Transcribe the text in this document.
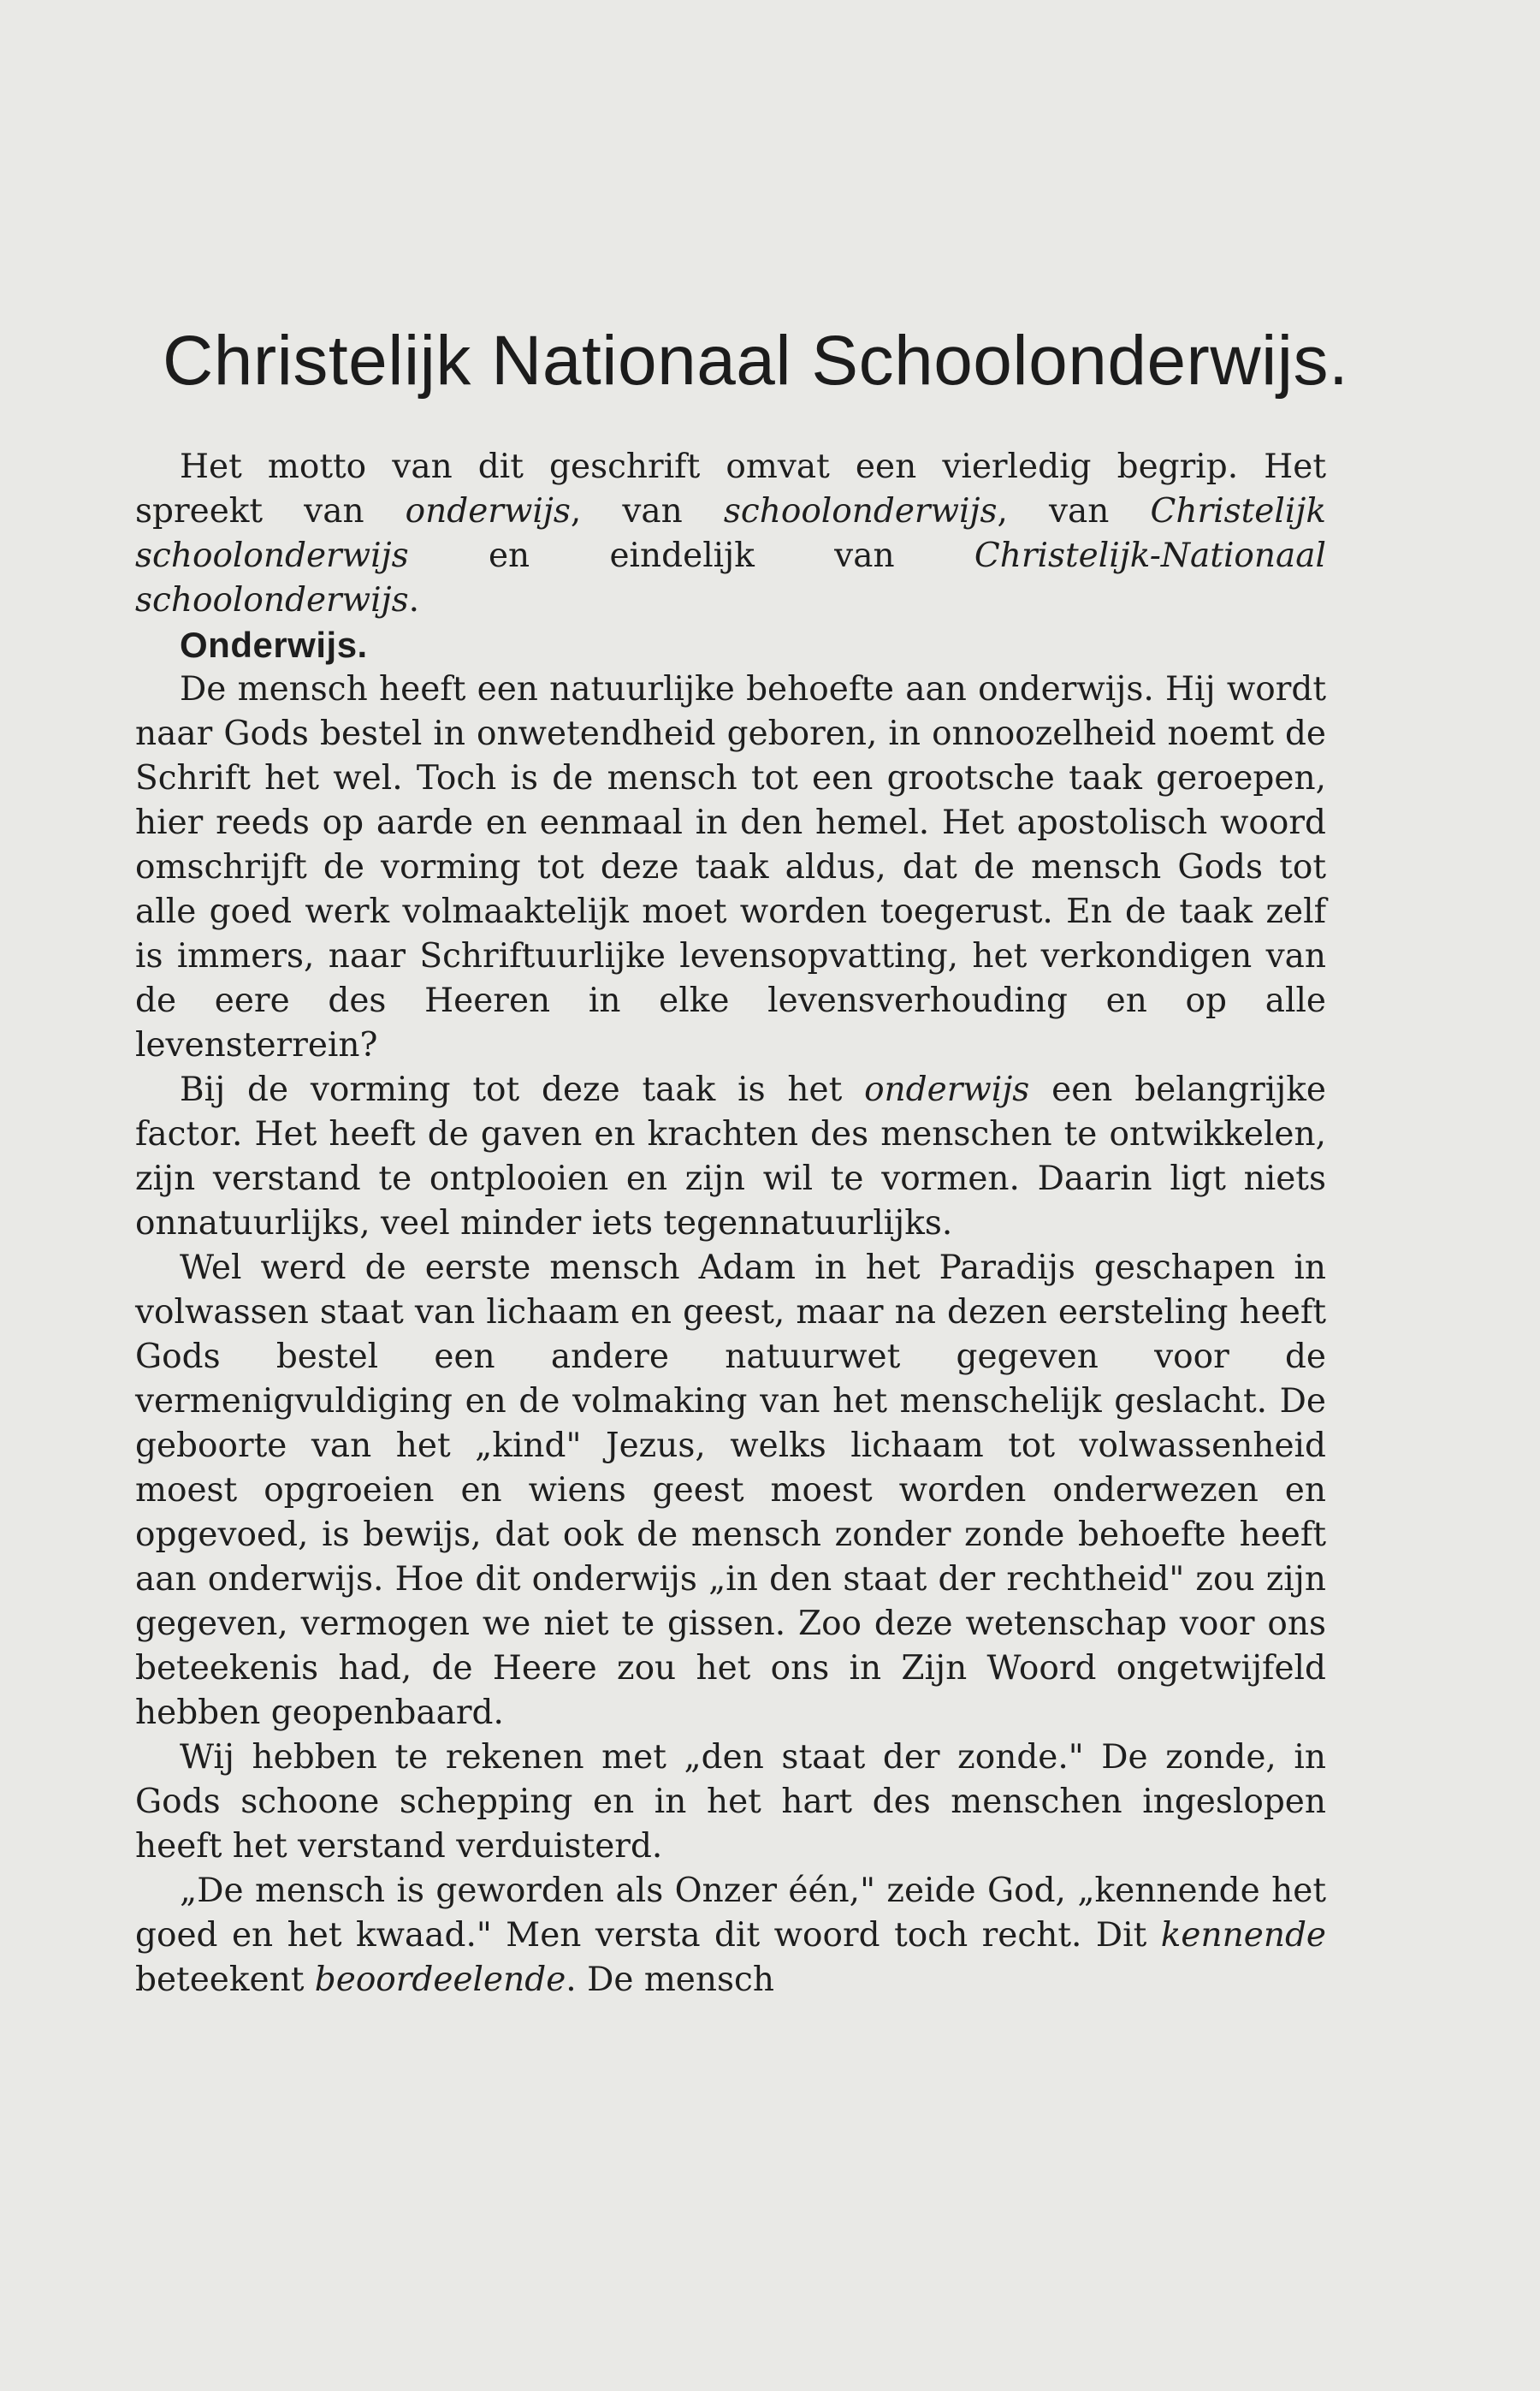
Christelijk Nationaal Schoolonderwijs.

Het motto van dit geschrift omvat een vierledig begrip. Het spreekt van onderwijs, van schoolonderwijs, van Christelijk schoolonderwijs en eindelijk van Christelijk-Nationaal schoolonderwijs.

Onderwijs.

De mensch heeft een natuurlijke behoefte aan onderwijs. Hij wordt naar Gods bestel in onwetendheid geboren, in onnoozelheid noemt de Schrift het wel. Toch is de mensch tot een grootsche taak geroepen, hier reeds op aarde en eenmaal in den hemel. Het apostolisch woord omschrijft de vorming tot deze taak aldus, dat de mensch Gods tot alle goed werk volmaaktelijk moet worden toegerust. En de taak zelf is immers, naar Schriftuurlijke levensopvatting, het verkondigen van de eere des Heeren in elke levensverhouding en op alle levensterrein?

Bij de vorming tot deze taak is het onderwijs een belangrijke factor. Het heeft de gaven en krachten des menschen te ontwikkelen, zijn verstand te ontplooien en zijn wil te vormen. Daarin ligt niets onnatuurlijks, veel minder iets tegennatuurlijks.

Wel werd de eerste mensch Adam in het Paradijs geschapen in volwassen staat van lichaam en geest, maar na dezen eersteling heeft Gods bestel een andere natuurwet gegeven voor de vermenigvuldiging en de volmaking van het menschelijk geslacht. De geboorte van het „kind" Jezus, welks lichaam tot volwassenheid moest opgroeien en wiens geest moest worden onderwezen en opgevoed, is bewijs, dat ook de mensch zonder zonde behoefte heeft aan onderwijs. Hoe dit onderwijs „in den staat der rechtheid" zou zijn gegeven, vermogen we niet te gissen. Zoo deze wetenschap voor ons beteekenis had, de Heere zou het ons in Zijn Woord ongetwijfeld hebben geopenbaard.

Wij hebben te rekenen met „den staat der zonde." De zonde, in Gods schoone schepping en in het hart des menschen ingeslopen heeft het verstand verduisterd.

„De mensch is geworden als Onzer één," zeide God, „kennende het goed en het kwaad." Men versta dit woord toch recht. Dit kennende beteekent beoordeelende. De mensch
